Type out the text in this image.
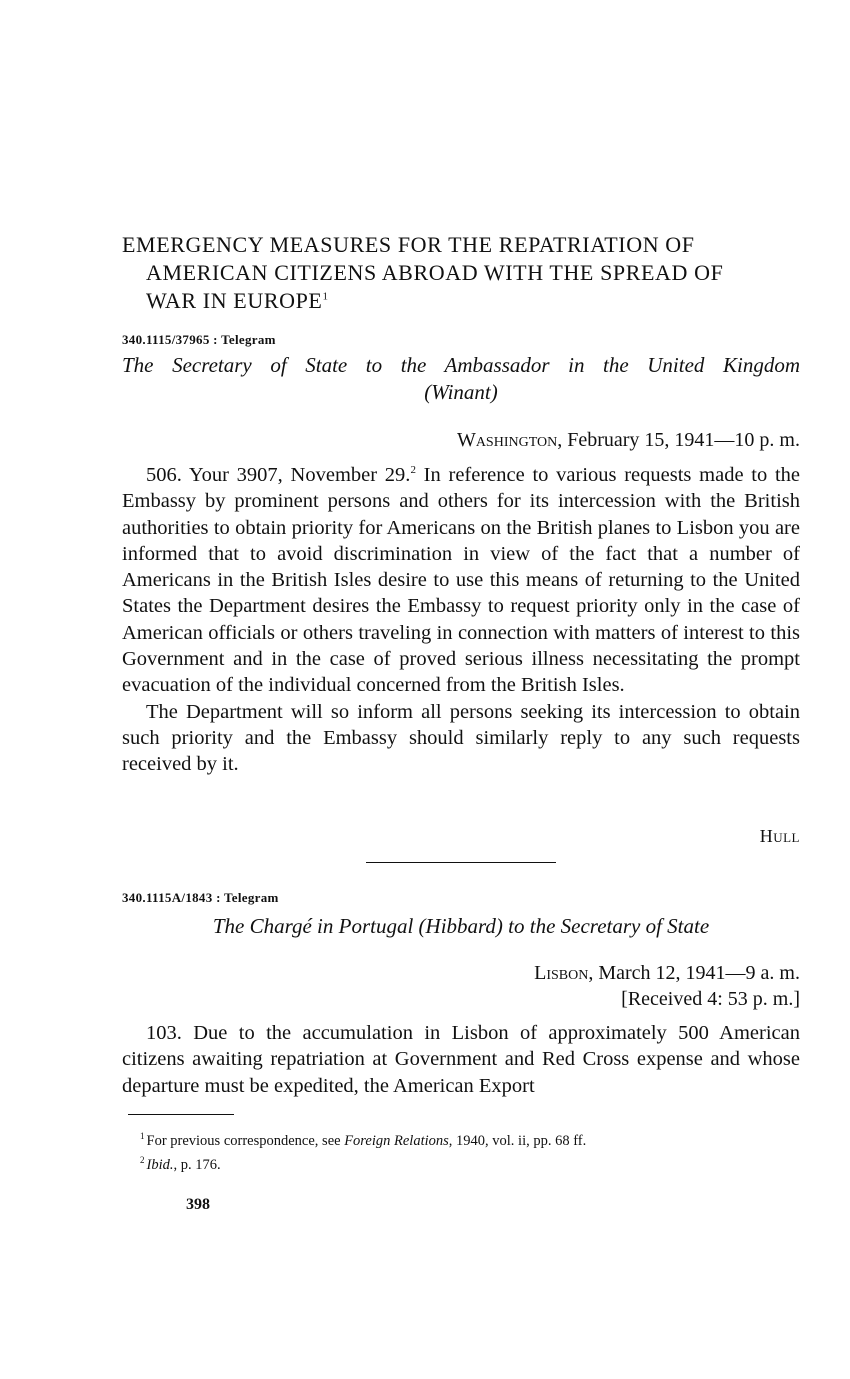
EMERGENCY MEASURES FOR THE REPATRIATION OF
AMERICAN CITIZENS ABROAD WITH THE SPREAD OF
WAR IN EUROPE$^1$
340.1115/37965 : Telegram
The Secretary of State to the Ambassador in the United Kingdom
(Winant)
Washington, February 15, 1941—10 p. m.

506. Your 3907, November 29.$^2$ In reference to various requests made to the Embassy by prominent persons and others for its intercession with the British authorities to obtain priority for Americans on the British planes to Lisbon you are informed that to avoid discrimination in view of the fact that a number of Americans in the British Isles desire to use this means of returning to the United States the Department desires the Embassy to request priority only in the case of American officials or others traveling in connection with matters of interest to this Government and in the case of proved serious illness necessitating the prompt evacuation of the individual concerned from the British Isles.

The Department will so inform all persons seeking its intercession to obtain such priority and the Embassy should similarly reply to any such requests received by it.

Hull
340.1115A/1843 : Telegram
The Chargé in Portugal (Hibbard) to the Secretary of State
Lisbon, March 12, 1941—9 a. m.
[Received 4: 53 p. m.]

103. Due to the accumulation in Lisbon of approximately 500 American citizens awaiting repatriation at Government and Red Cross expense and whose departure must be expedited, the American Export

$^1$ For previous correspondence, see Foreign Relations, 1940, vol. ii, pp. 68 ff.
$^2$ Ibid., p. 176.
398
